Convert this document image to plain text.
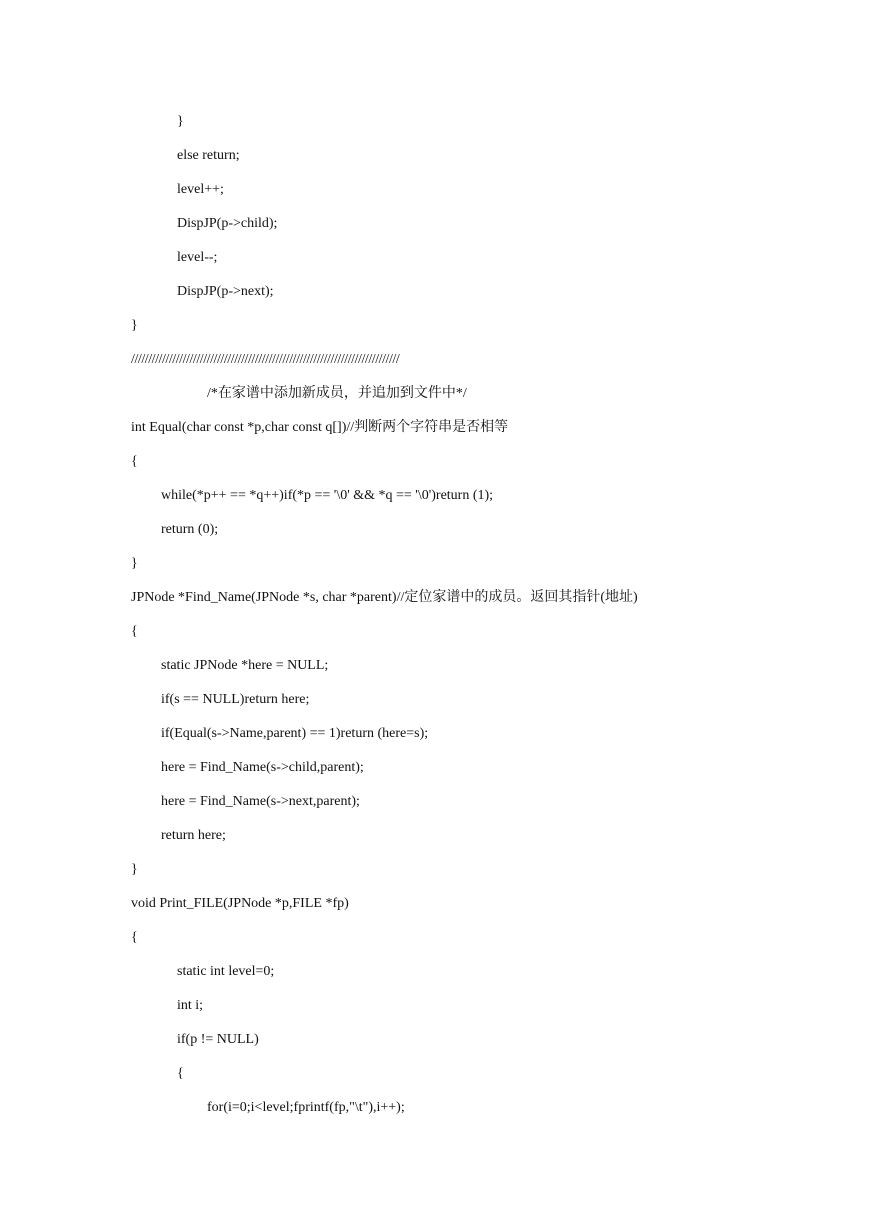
}
else return;
level++;
DispJP(p->child);
level--;
DispJP(p->next);
}
//////////////////////////////////////////////////////////////////////////////
/*在家谱中添加新成员，并追加到文件中*/
int Equal(char const *p,char const q[])//判断两个字符串是否相等
{
while(*p++ == *q++)if(*p == '\0' && *q == '\0')return (1);
return (0);
}
JPNode *Find_Name(JPNode *s, char *parent)//定位家谱中的成员。返回其指针(地址)
{
static JPNode *here = NULL;
if(s == NULL)return here;
if(Equal(s->Name,parent) == 1)return (here=s);
here = Find_Name(s->child,parent);
here = Find_Name(s->next,parent);
return here;
}
void Print_FILE(JPNode *p,FILE *fp)
{
static int level=0;
int i;
if(p != NULL)
{
for(i=0;i<level;fprintf(fp,"\t"),i++);
